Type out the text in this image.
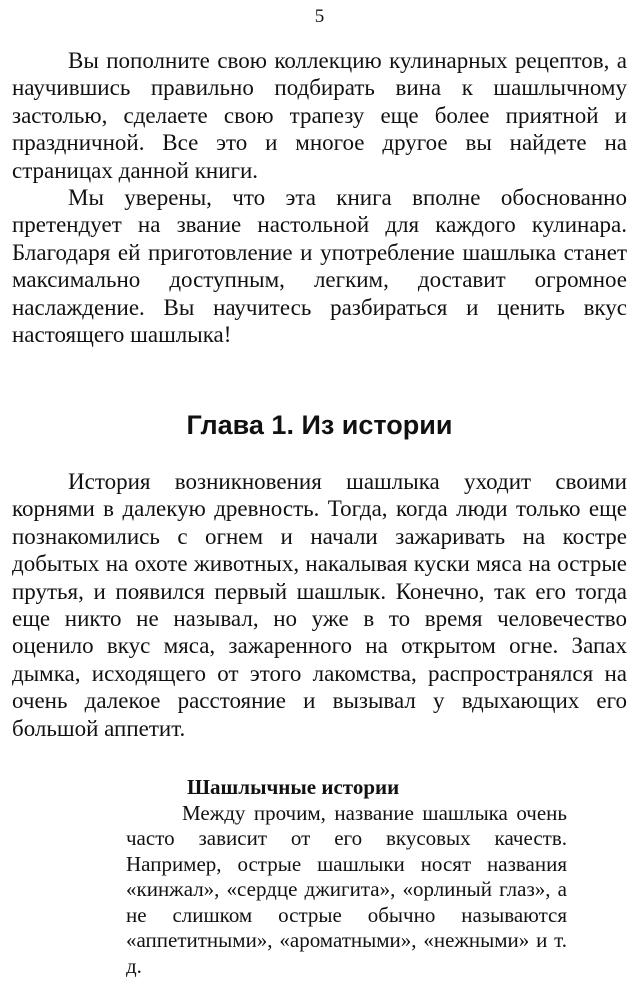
5

Вы пополните свою коллекцию кулинарных рецептов, а научившись правильно подбирать вина к шашлычному застолью, сделаете свою трапезу еще более приятной и праздничной. Все это и многое другое вы найдете на страницах данной книги.

Мы уверены, что эта книга вполне обоснованно претендует на звание настольной для каждого кулинара. Благодаря ей приготовление и употребление шашлыка станет максимально доступным, легким, доставит огромное наслаждение. Вы научитесь разбираться и ценить вкус настоящего шашлыка!

Глава 1. Из истории

История возникновения шашлыка уходит своими корнями в далекую древность. Тогда, когда люди только еще познакомились с огнем и начали зажаривать на костре добытых на охоте животных, накалывая куски мяса на острые прутья, и появился первый шашлык. Конечно, так его тогда еще никто не называл, но уже в то время человечество оценило вкус мяса, зажаренного на открытом огне. Запах дымка, исходящего от этого лакомства, распространялся на очень далекое расстояние и вызывал у вдыхающих его большой аппетит.

Шашлычные истории

Между прочим, название шашлыка очень часто зависит от его вкусовых качеств. Например, острые шашлыки носят названия «кинжал», «сердце джигита», «орлиный глаз», а не слишком острые обычно называются «аппетитными», «ароматными», «нежными» и т. д.
